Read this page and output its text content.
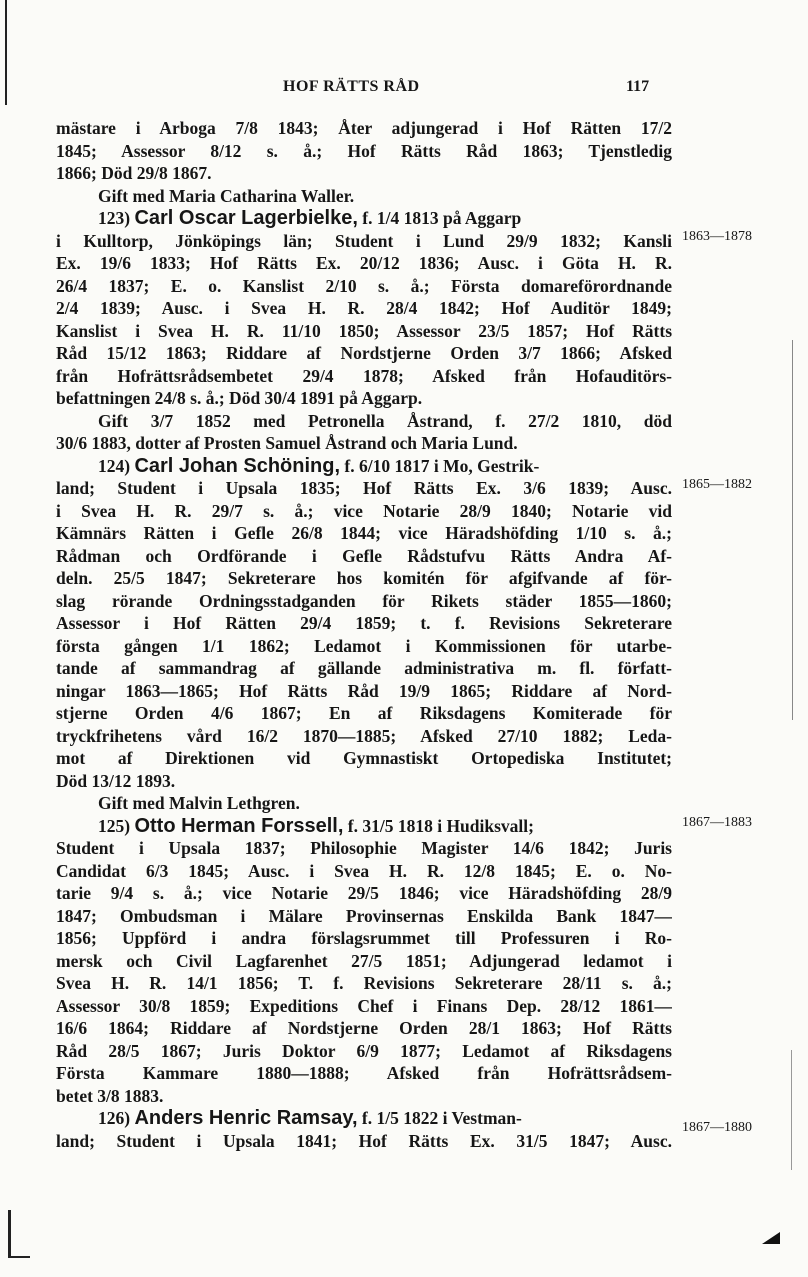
HOF RÄTTS RÅD	117
1863—1878
1865—1882
1867—1883
1867—1880
mästare i Arboga 7/8 1843; Åter adjungerad i Hof Rätten 17/2
1845; Assessor 8/12 s. å.; Hof Rätts Råd 1863; Tjenstledig
1866; Död 29/8 1867.
Gift med Maria Catharina Waller.
123) Carl Oscar Lagerbielke, f. 1/4 1813 på Aggarp
i Kulltorp, Jönköpings län; Student i Lund 29/9 1832; Kansli
Ex. 19/6 1833; Hof Rätts Ex. 20/12 1836; Ausc. i Göta H. R.
26/4 1837; E. o. Kanslist 2/10 s. å.; Första domareförordnande
2/4 1839; Ausc. i Svea H. R. 28/4 1842; Hof Auditör 1849;
Kanslist i Svea H. R. 11/10 1850; Assessor 23/5 1857; Hof Rätts
Råd 15/12 1863; Riddare af Nordstjerne Orden 3/7 1866; Afsked
från Hofrättsrådsembetet 29/4 1878; Afsked från Hofauditörs-
befattningen 24/8 s. å.; Död 30/4 1891 på Aggarp.
Gift 3/7 1852 med Petronella Åstrand, f. 27/2 1810, död
30/6 1883, dotter af Prosten Samuel Åstrand och Maria Lund.
124) Carl Johan Schöning, f. 6/10 1817 i Mo, Gestrik-
land; Student i Upsala 1835; Hof Rätts Ex. 3/6 1839; Ausc.
i Svea H. R. 29/7 s. å.; vice Notarie 28/9 1840; Notarie vid
Kämnärs Rätten i Gefle 26/8 1844; vice Häradshöfding 1/10 s. å.;
Rådman och Ordförande i Gefle Rådstufvu Rätts Andra Af-
deln. 25/5 1847; Sekreterare hos komitén för afgifvande af för-
slag rörande Ordningsstadganden för Rikets städer 1855—1860;
Assessor i Hof Rätten 29/4 1859; t. f. Revisions Sekreterare
första gången 1/1 1862; Ledamot i Kommissionen för utarbe-
tande af sammandrag af gällande administrativa m. fl. författ-
ningar 1863—1865; Hof Rätts Råd 19/9 1865; Riddare af Nord-
stjerne Orden 4/6 1867; En af Riksdagens Komiterade för
tryckfrihetens vård 16/2 1870—1885; Afsked 27/10 1882; Leda-
mot af Direktionen vid Gymnastiskt Ortopediska Institutet;
Död 13/12 1893.
Gift med Malvin Lethgren.
125) Otto Herman Forssell, f. 31/5 1818 i Hudiksvall;
Student i Upsala 1837; Philosophie Magister 14/6 1842; Juris
Candidat 6/3 1845; Ausc. i Svea H. R. 12/8 1845; E. o. No-
tarie 9/4 s. å.; vice Notarie 29/5 1846; vice Häradshöfding 28/9
1847; Ombudsman i Mälare Provinsernas Enskilda Bank 1847—
1856; Uppförd i andra förslagsrummet till Professuren i Ro-
mersk och Civil Lagfarenhet 27/5 1851; Adjungerad ledamot i
Svea H. R. 14/1 1856; T. f. Revisions Sekreterare 28/11 s. å.;
Assessor 30/8 1859; Expeditions Chef i Finans Dep. 28/12 1861—
16/6 1864; Riddare af Nordstjerne Orden 28/1 1863; Hof Rätts
Råd 28/5 1867; Juris Doktor 6/9 1877; Ledamot af Riksdagens
Första Kammare 1880—1888; Afsked från Hofrättsrådsem-
betet 3/8 1883.
126) Anders Henric Ramsay, f. 1/5 1822 i Vestman-
land; Student i Upsala 1841; Hof Rätts Ex. 31/5 1847; Ausc.
